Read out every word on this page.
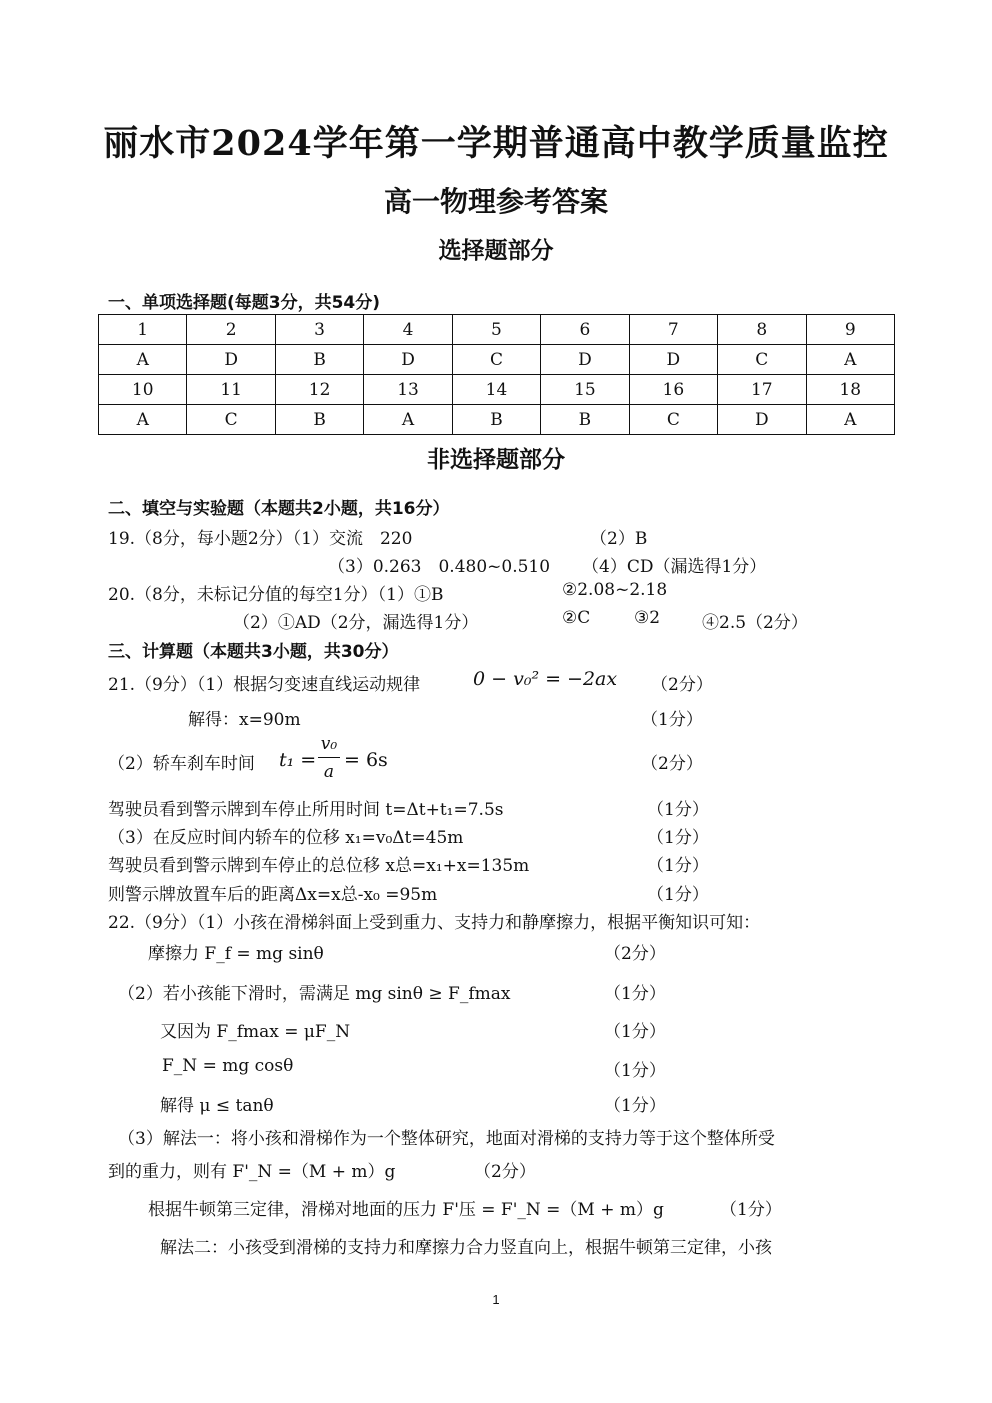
丽水市2024学年第一学期普通高中教学质量监控
高一物理参考答案
选择题部分
一、单项选择题(每题3分，共54分)
1	2	3	4	5	6	7	8	9
A	D	B	D	C	D	D	C	A
10	11	12	13	14	15	16	17	18
A	C	B	A	B	B	C	D	A
非选择题部分
二、填空与实验题（本题共2小题，共16分）
19.（8分，每小题2分）（1）交流　220	（2）B
（3）0.263　0.480~0.510 （4）CD（漏选得1分）
20.（8分，未标记分值的每空1分）（1）①B	②2.08~2.18
（2）①AD（2分，漏选得1分）	②C	③2 ④2.5（2分）
三、计算题（本题共3小题，共30分）
21.（9分）（1）根据匀变速直线运动规律	0 − v₀² = −2ax （2分）
解得：x=90m	（1分）
（2）轿车刹车时间 t₁ =
v₀
a
= 6s	（2分）
驾驶员看到警示牌到车停止所用时间 t=Δt+t₁=7.5s	（1分）
（3）在反应时间内轿车的位移 x₁=v₀Δt=45m	（1分）
驾驶员看到警示牌到车停止的总位移 x总=x₁+x=135m	（1分）
则警示牌放置车后的距离Δx=x总-x₀ =95m	（1分）
22.（9分）（1）小孩在滑梯斜面上受到重力、支持力和静摩擦力，根据平衡知识可知：
摩擦力 F_f = mg sinθ	（2分）
（2）若小孩能下滑时，需满足 mg sinθ ≥ F_fmax	（1分）
又因为 F_fmax = μF_N	（1分）
F_N = mg cosθ	（1分）
解得 μ ≤ tanθ	（1分）
（3）解法一：将小孩和滑梯作为一个整体研究，地面对滑梯的支持力等于这个整体所受
到的重力，则有 F'_N =（M + m）g	（2分）
根据牛顿第三定律，滑梯对地面的压力 F'压 = F'_N =（M + m）g	（1分）
解法二：小孩受到滑梯的支持力和摩擦力合力竖直向上，根据牛顿第三定律，小孩
1
